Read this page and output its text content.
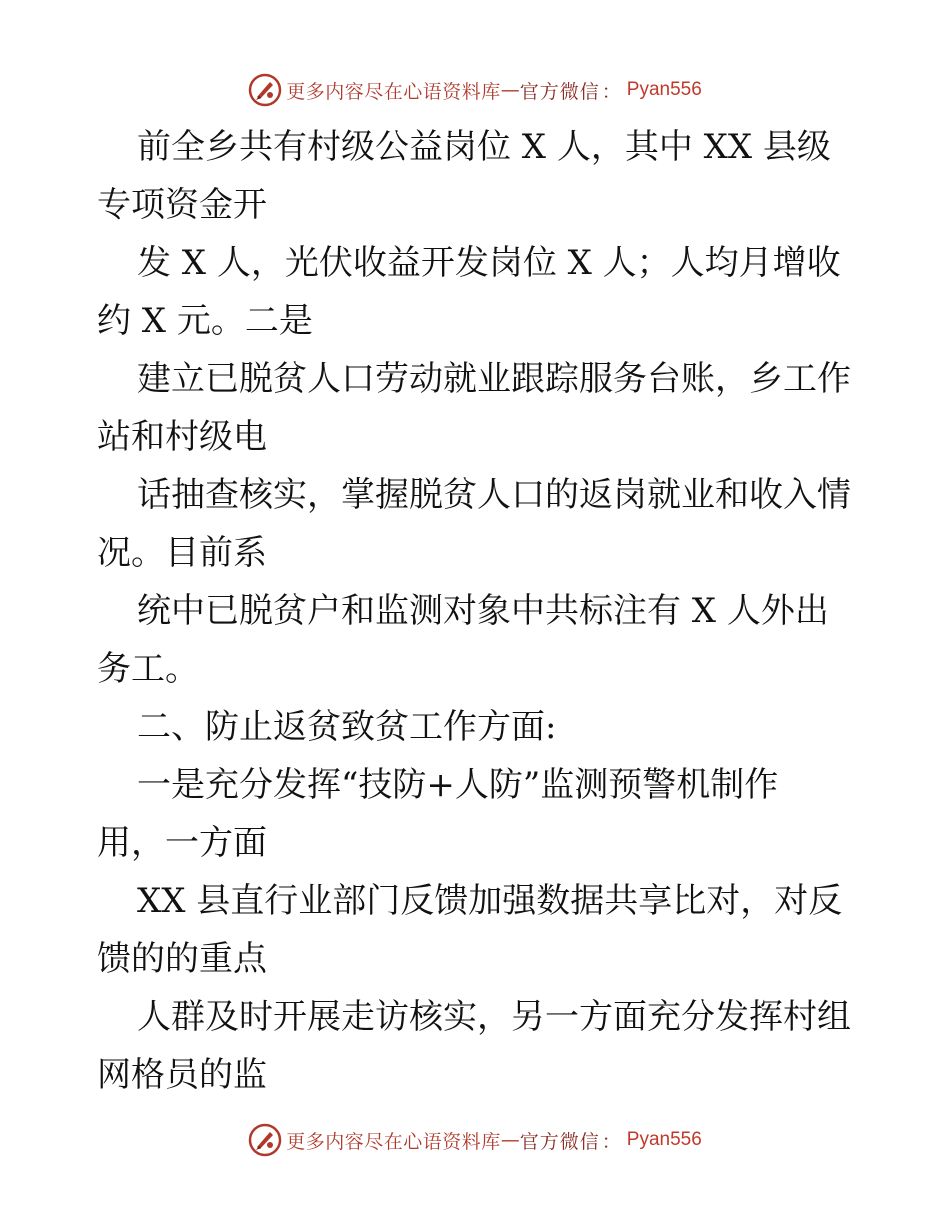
更多内容尽在心语资料库 — 官方微信 ： Pyan556
前全乡共有村级公益岗位 X 人，其中 XX 县级
专项资金开
发 X 人，光伏收益开发岗位 X 人；人均月增收
约 X 元。二是
建立已脱贫人口劳动就业跟踪服务台账，乡工作
站和村级电
话抽查核实，掌握脱贫人口的返岗就业和收入情
况。目前系
统中已脱贫户和监测对象中共标注有 X 人外出
务工。
二、防止返贫致贫工作方面:
一是充分发挥“技防+人防”监测预警机制作
用，一方面
XX 县直行业部门反馈加强数据共享比对，对反
馈的的重点
人群及时开展走访核实，另一方面充分发挥村组
网格员的监
更多内容尽在心语资料库 — 官方微信 ： Pyan556
